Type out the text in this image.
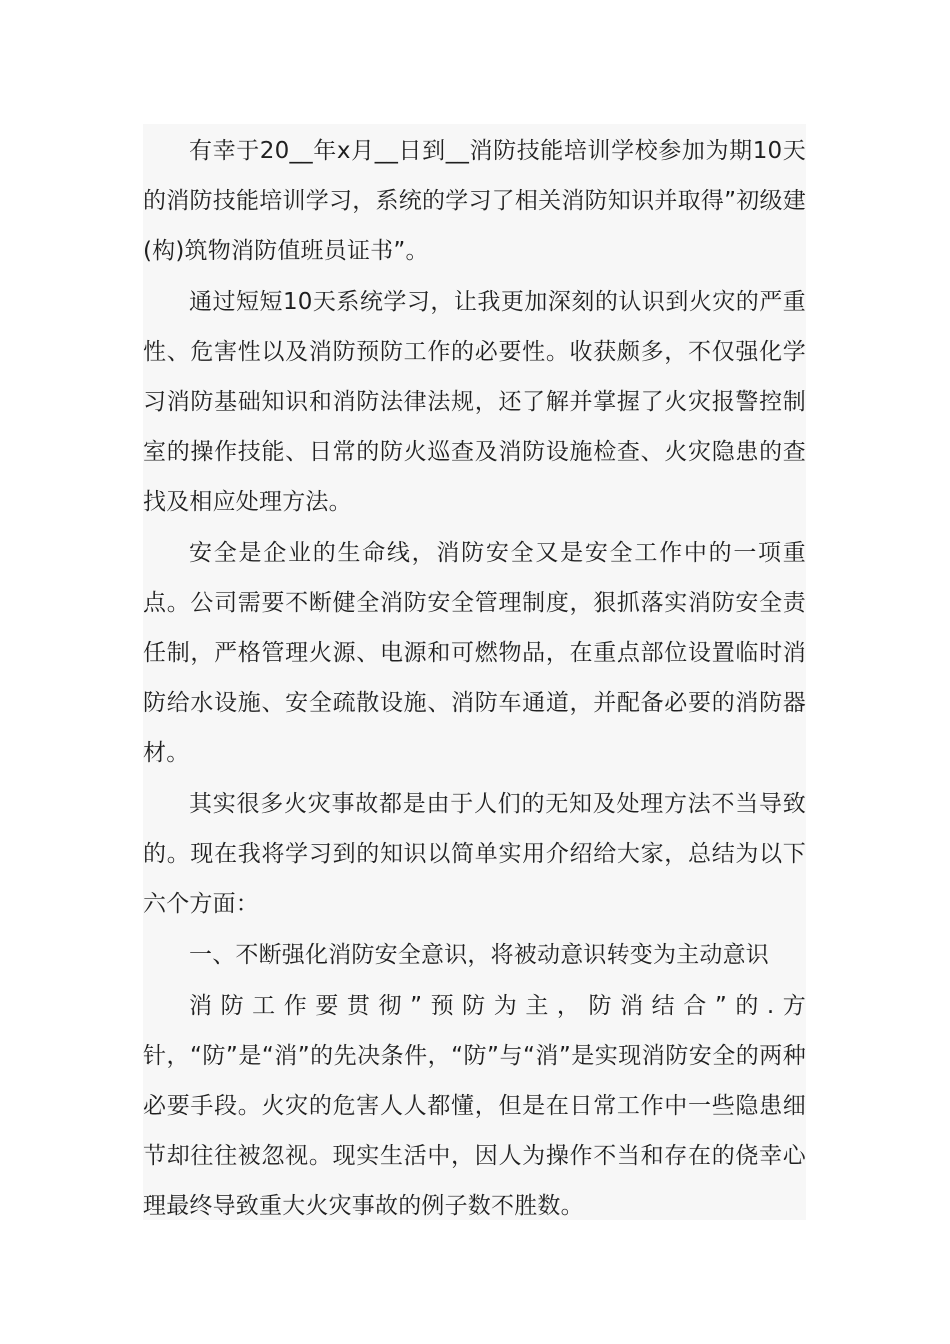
有幸于20__年x月__日到__消防技能培训学校参加为期10天的消防技能培训学习，系统的学习了相关消防知识并取得”初级建(构)筑物消防值班员证书”。

通过短短10天系统学习，让我更加深刻的认识到火灾的严重性、危害性以及消防预防工作的必要性。收获颇多，不仅强化学习消防基础知识和消防法律法规，还了解并掌握了火灾报警控制室的操作技能、日常的防火巡查及消防设施检查、火灾隐患的查找及相应处理方法。

安全是企业的生命线，消防安全又是安全工作中的一项重点。公司需要不断健全消防安全管理制度，狠抓落实消防安全责任制，严格管理火源、电源和可燃物品，在重点部位设置临时消防给水设施、安全疏散设施、消防车通道，并配备必要的消防器材。

其实很多火灾事故都是由于人们的无知及处理方法不当导致的。现在我将学习到的知识以简单实用介绍给大家，总结为以下六个方面：

一、不断强化消防安全意识，将被动意识转变为主动意识

消防工作要贯彻”预防为主，防消结合”的.方针，“防”是“消”的先决条件，“防”与“消”是实现消防安全的两种必要手段。火灾的危害人人都懂，但是在日常工作中一些隐患细节却往往被忽视。现实生活中，因人为操作不当和存在的侥幸心理最终导致重大火灾事故的例子数不胜数。
